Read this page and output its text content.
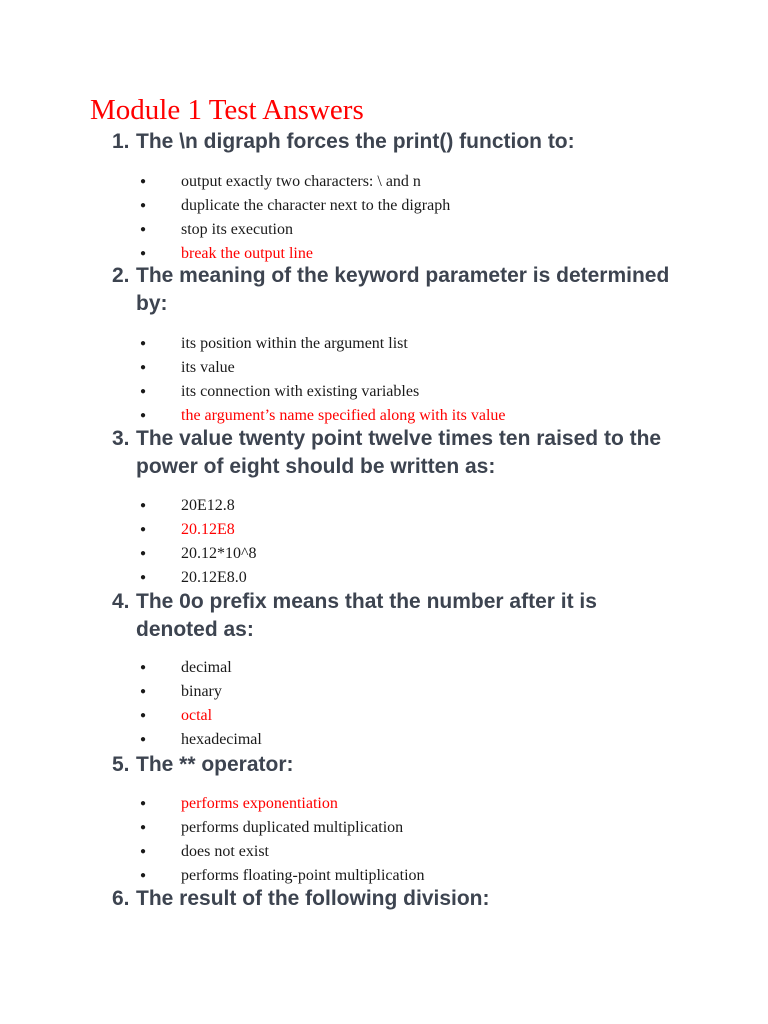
Module 1 Test Answers
1. The \n digraph forces the print() function to:
● output exactly two characters: \ and n
● duplicate the character next to the digraph
● stop its execution
● break the output line
2. The meaning of the keyword parameter is determined by:
● its position within the argument list
● its value
● its connection with existing variables
● the argument’s name specified along with its value
3. The value twenty point twelve times ten raised to the power of eight should be written as:
● 20E12.8
● 20.12E8
● 20.12*10^8
● 20.12E8.0
4. The 0o prefix means that the number after it is denoted as:
● decimal
● binary
● octal
● hexadecimal
5. The ** operator:
● performs exponentiation
● performs duplicated multiplication
● does not exist
● performs floating-point multiplication
6. The result of the following division:
